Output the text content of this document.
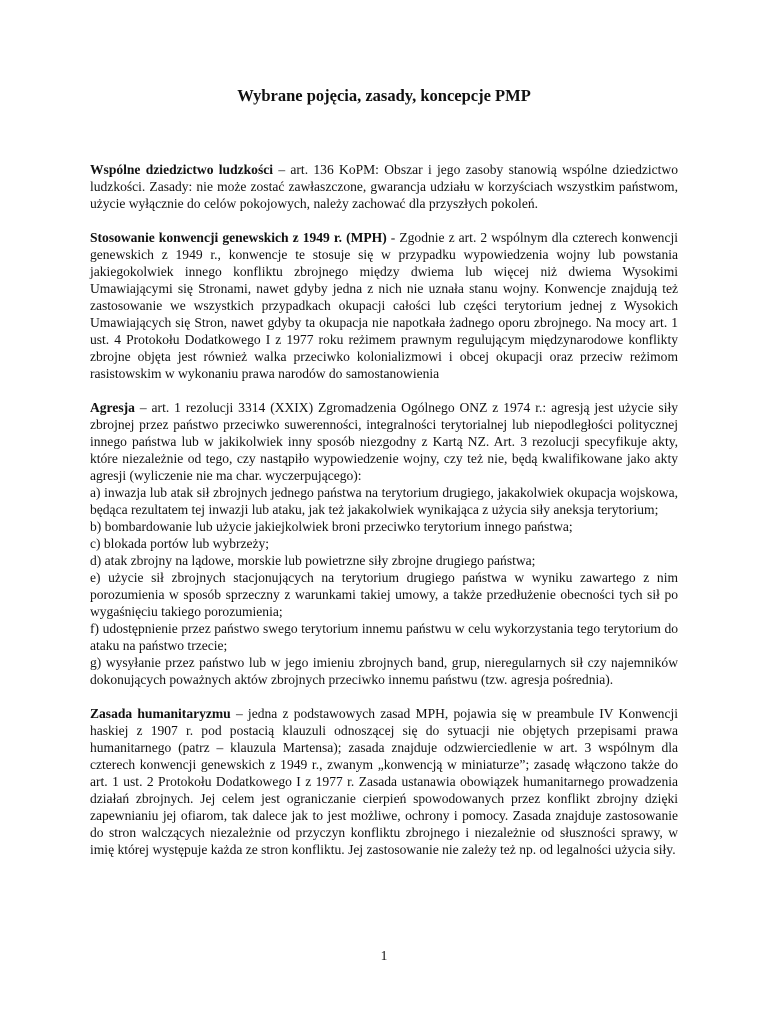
Wybrane pojęcia, zasady, koncepcje PMP

Wspólne dziedzictwo ludzkości – art. 136 KoPM: Obszar i jego zasoby stanowią wspólne dziedzictwo ludzkości. Zasady: nie może zostać zawłaszczone, gwarancja udziału w korzyściach wszystkim państwom, użycie wyłącznie do celów pokojowych, należy zachować dla przyszłych pokoleń.

Stosowanie konwencji genewskich z 1949 r. (MPH) - Zgodnie z art. 2 wspólnym dla czterech konwencji genewskich z 1949 r., konwencje te stosuje się w przypadku wypowiedzenia wojny lub powstania jakiegokolwiek innego konfliktu zbrojnego między dwiema lub więcej niż dwiema Wysokimi Umawiającymi się Stronami, nawet gdyby jedna z nich nie uznała stanu wojny. Konwencje znajdują też zastosowanie we wszystkich przypadkach okupacji całości lub części terytorium jednej z Wysokich Umawiających się Stron, nawet gdyby ta okupacja nie napotkała żadnego oporu zbrojnego. Na mocy art. 1 ust. 4 Protokołu Dodatkowego I z 1977 roku reżimem prawnym regulującym międzynarodowe konflikty zbrojne objęta jest również walka przeciwko kolonializmowi i obcej okupacji oraz przeciw reżimom rasistowskim w wykonaniu prawa narodów do samostanowienia

Agresja – art. 1 rezolucji 3314 (XXIX) Zgromadzenia Ogólnego ONZ z 1974 r.: agresją jest użycie siły zbrojnej przez państwo przeciwko suwerenności, integralności terytorialnej lub niepodległości politycznej innego państwa lub w jakikolwiek inny sposób niezgodny z Kartą NZ. Art. 3 rezolucji specyfikuje akty, które niezależnie od tego, czy nastąpiło wypowiedzenie wojny, czy też nie, będą kwalifikowane jako akty agresji (wyliczenie nie ma char. wyczerpującego):

a) inwazja lub atak sił zbrojnych jednego państwa na terytorium drugiego, jakakolwiek okupacja wojskowa, będąca rezultatem tej inwazji lub ataku, jak też jakakolwiek wynikająca z użycia siły aneksja terytorium;

b) bombardowanie lub użycie jakiejkolwiek broni przeciwko terytorium innego państwa;

c) blokada portów lub wybrzeży;

d) atak zbrojny na lądowe, morskie lub powietrzne siły zbrojne drugiego państwa;

e) użycie sił zbrojnych stacjonujących na terytorium drugiego państwa w wyniku zawartego z nim porozumienia w sposób sprzeczny z warunkami takiej umowy, a także przedłużenie obecności tych sił po wygaśnięciu takiego porozumienia;

f) udostępnienie przez państwo swego terytorium innemu państwu w celu wykorzystania tego terytorium do ataku na państwo trzecie;

g) wysyłanie przez państwo lub w jego imieniu zbrojnych band, grup, nieregularnych sił czy najemników dokonujących poważnych aktów zbrojnych przeciwko innemu państwu (tzw. agresja pośrednia).

Zasada humanitaryzmu – jedna z podstawowych zasad MPH, pojawia się w preambule IV Konwencji haskiej z 1907 r. pod postacią klauzuli odnoszącej się do sytuacji nie objętych przepisami prawa humanitarnego (patrz – klauzula Martensa); zasada znajduje odzwierciedlenie w art. 3 wspólnym dla czterech konwencji genewskich z 1949 r., zwanym „konwencją w miniaturze”; zasadę włączono także do art. 1 ust. 2 Protokołu Dodatkowego I z 1977 r. Zasada ustanawia obowiązek humanitarnego prowadzenia działań zbrojnych. Jej celem jest ograniczanie cierpień spowodowanych przez konflikt zbrojny dzięki zapewnianiu jej ofiarom, tak dalece jak to jest możliwe, ochrony i pomocy. Zasada znajduje zastosowanie do stron walczących niezależnie od przyczyn konfliktu zbrojnego i niezależnie od słuszności sprawy, w imię której występuje każda ze stron konfliktu. Jej zastosowanie nie zależy też np. od legalności użycia siły.

1
